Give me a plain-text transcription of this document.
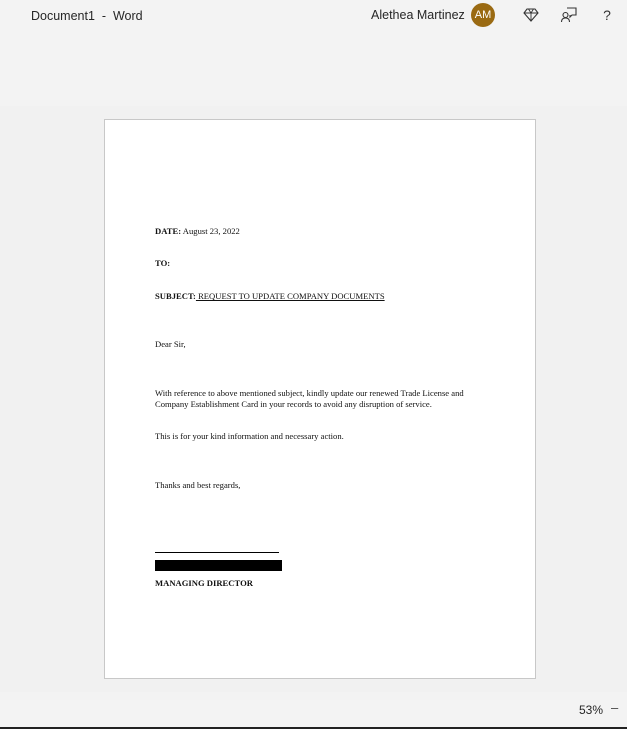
Document1  -  Word	Alethea Martinez AM	?
DATE: August 23, 2022
TO:
SUBJECT: REQUEST TO UPDATE COMPANY DOCUMENTS
Dear Sir,
With reference to above mentioned subject, kindly update our renewed Trade License and
Company Establishment Card in your records to avoid any disruption of service.
This is for your kind information and necessary action.
Thanks and best regards,
MANAGING DIRECTOR
53% –
